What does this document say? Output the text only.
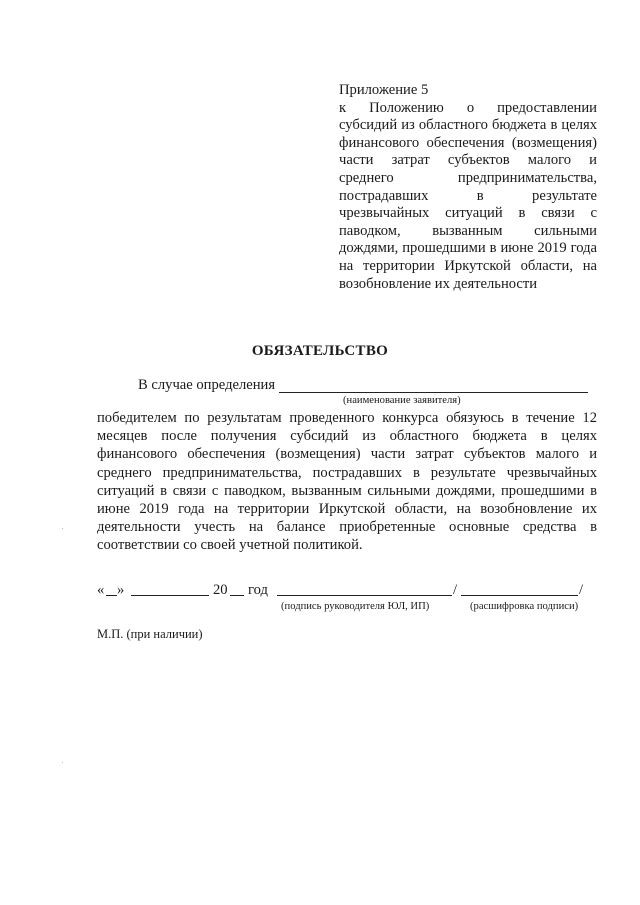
Приложение 5
к Положению о предоставлении субсидий из областного бюджета в целях финансового обеспечения (возмещения) части затрат субъектов малого и среднего предпринимательства, пострадавших в результате чрезвычайных ситуаций в связи с паводком, вызванным сильными дождями, прошедшими в июне 2019 года на территории Иркутской области, на возобновление их деятельности
ОБЯЗАТЕЛЬСТВО
В случае определения
(наименование заявителя)
победителем по результатам проведенного конкурса обязуюсь в течение 12 месяцев после получения субсидий из областного бюджета в целях финансового обеспечения (возмещения) части затрат субъектов малого и среднего предпринимательства, пострадавших в результате чрезвычайных ситуаций в связи с паводком, вызванным сильными дождями, прошедшими в июне 2019 года на территории Иркутской области, на возобновление их деятельности учесть на балансе приобретенные основные средства в соответствии со своей учетной политикой.
« »	20 год	/	/
(подпись руководителя ЮЛ, ИП)	(расшифровка подписи)
М.П. (при наличии)
